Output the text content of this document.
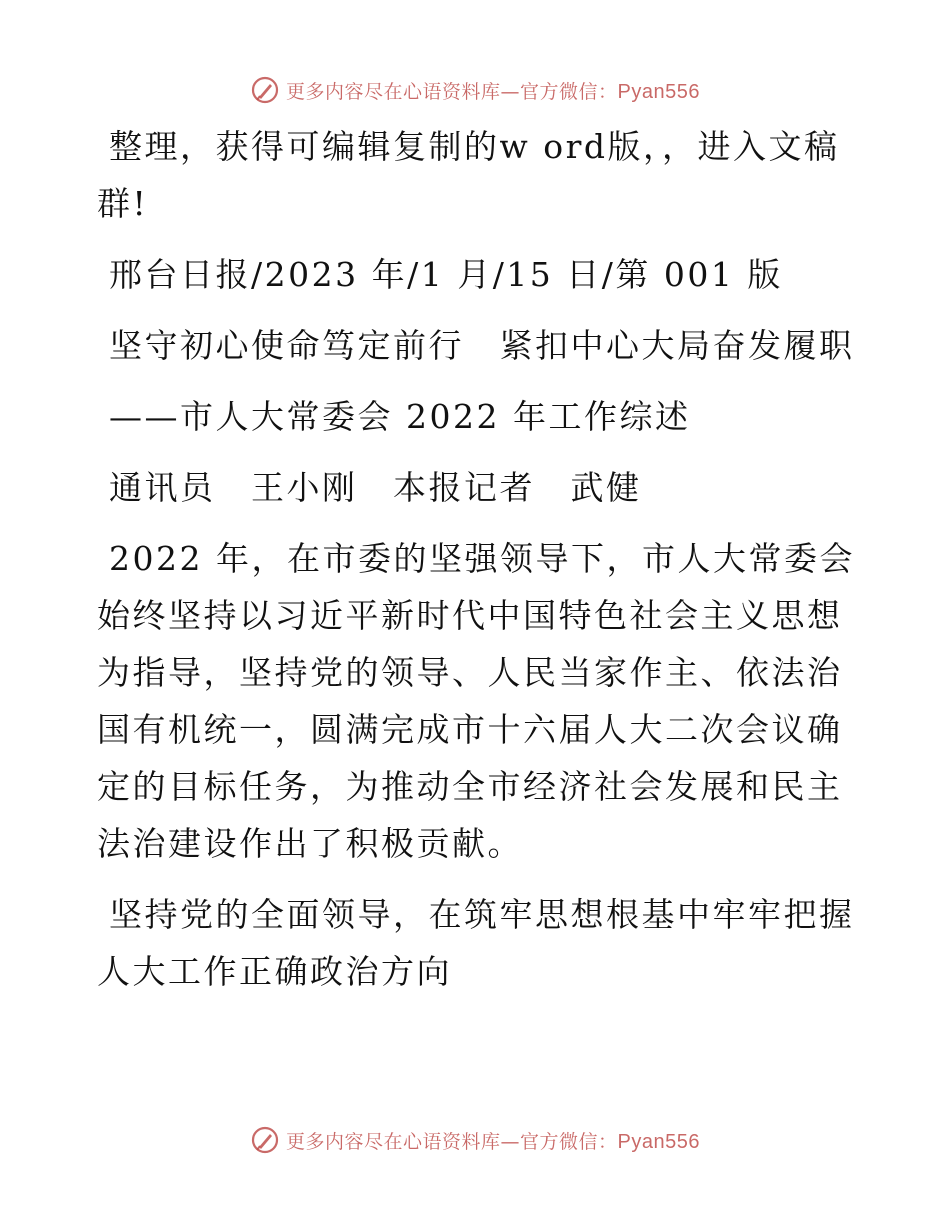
更多内容尽在心语资料库—官方微信：Pyan556

整理，获得可编辑复制的w ord版，，进入文稿群!

邢台日报/2023 年/1 月/15 日/第 001 版

坚守初心使命笃定前行　紧扣中心大局奋发履职

——市人大常委会 2022 年工作综述

通讯员　王小刚　本报记者　武健

2022 年，在市委的坚强领导下，市人大常委会始终坚持以习近平新时代中国特色社会主义思想为指导，坚持党的领导、人民当家作主、依法治国有机统一，圆满完成市十六届人大二次会议确定的目标任务，为推动全市经济社会发展和民主法治建设作出了积极贡献。

坚持党的全面领导，在筑牢思想根基中牢牢把握人大工作正确政治方向

更多内容尽在心语资料库—官方微信：Pyan556
